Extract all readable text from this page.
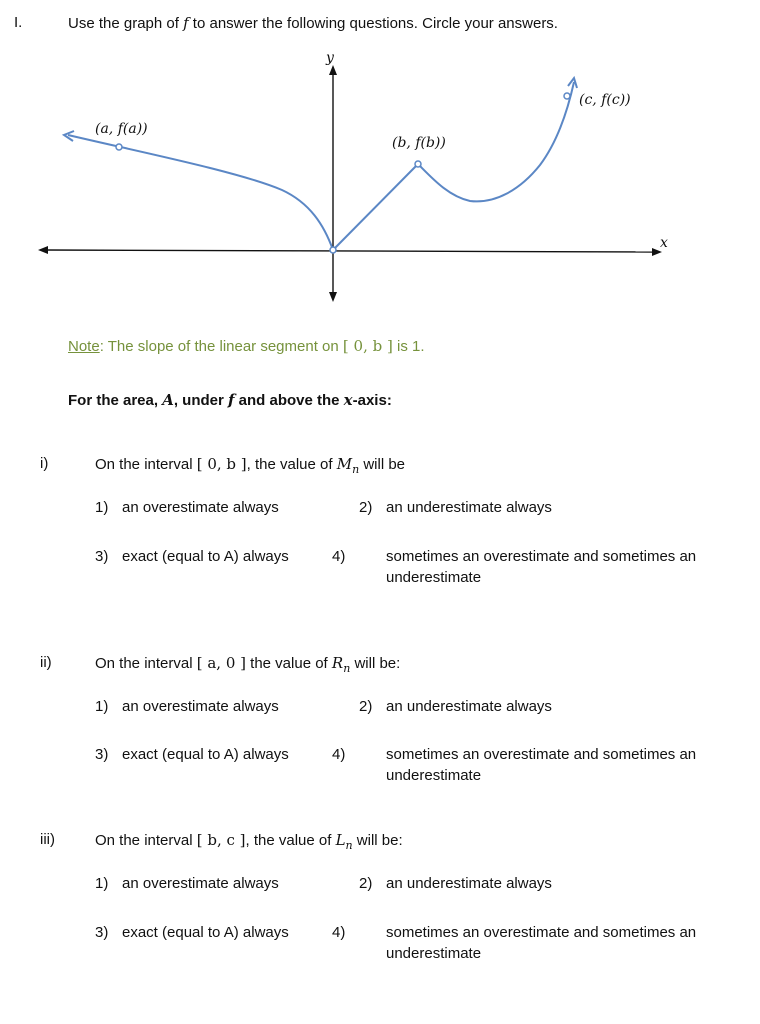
I.	Use the graph of f to answer the following questions. Circle your answers.
y
x
(a, f(a))
(b, f(b))
(c, f(c))
Note: The slope of the linear segment on [ 0, b ] is 1.
For the area, A, under f and above the x-axis:
i)	On the interval [ 0, b ], the value of $M_n$ will be
1) an overestimate always	2) an underestimate always
3) exact (equal to A) always	4)	sometimes an overestimate and sometimes an underestimate
ii)	On the interval [ a, 0 ] the value of $R_n$ will be:
1) an overestimate always	2) an underestimate always
3) exact (equal to A) always	4)	sometimes an overestimate and sometimes an underestimate
iii)	On the interval [ b, c ], the value of $L_n$ will be:
1) an overestimate always	2) an underestimate always
3) exact (equal to A) always	4)	sometimes an overestimate and sometimes an underestimate
